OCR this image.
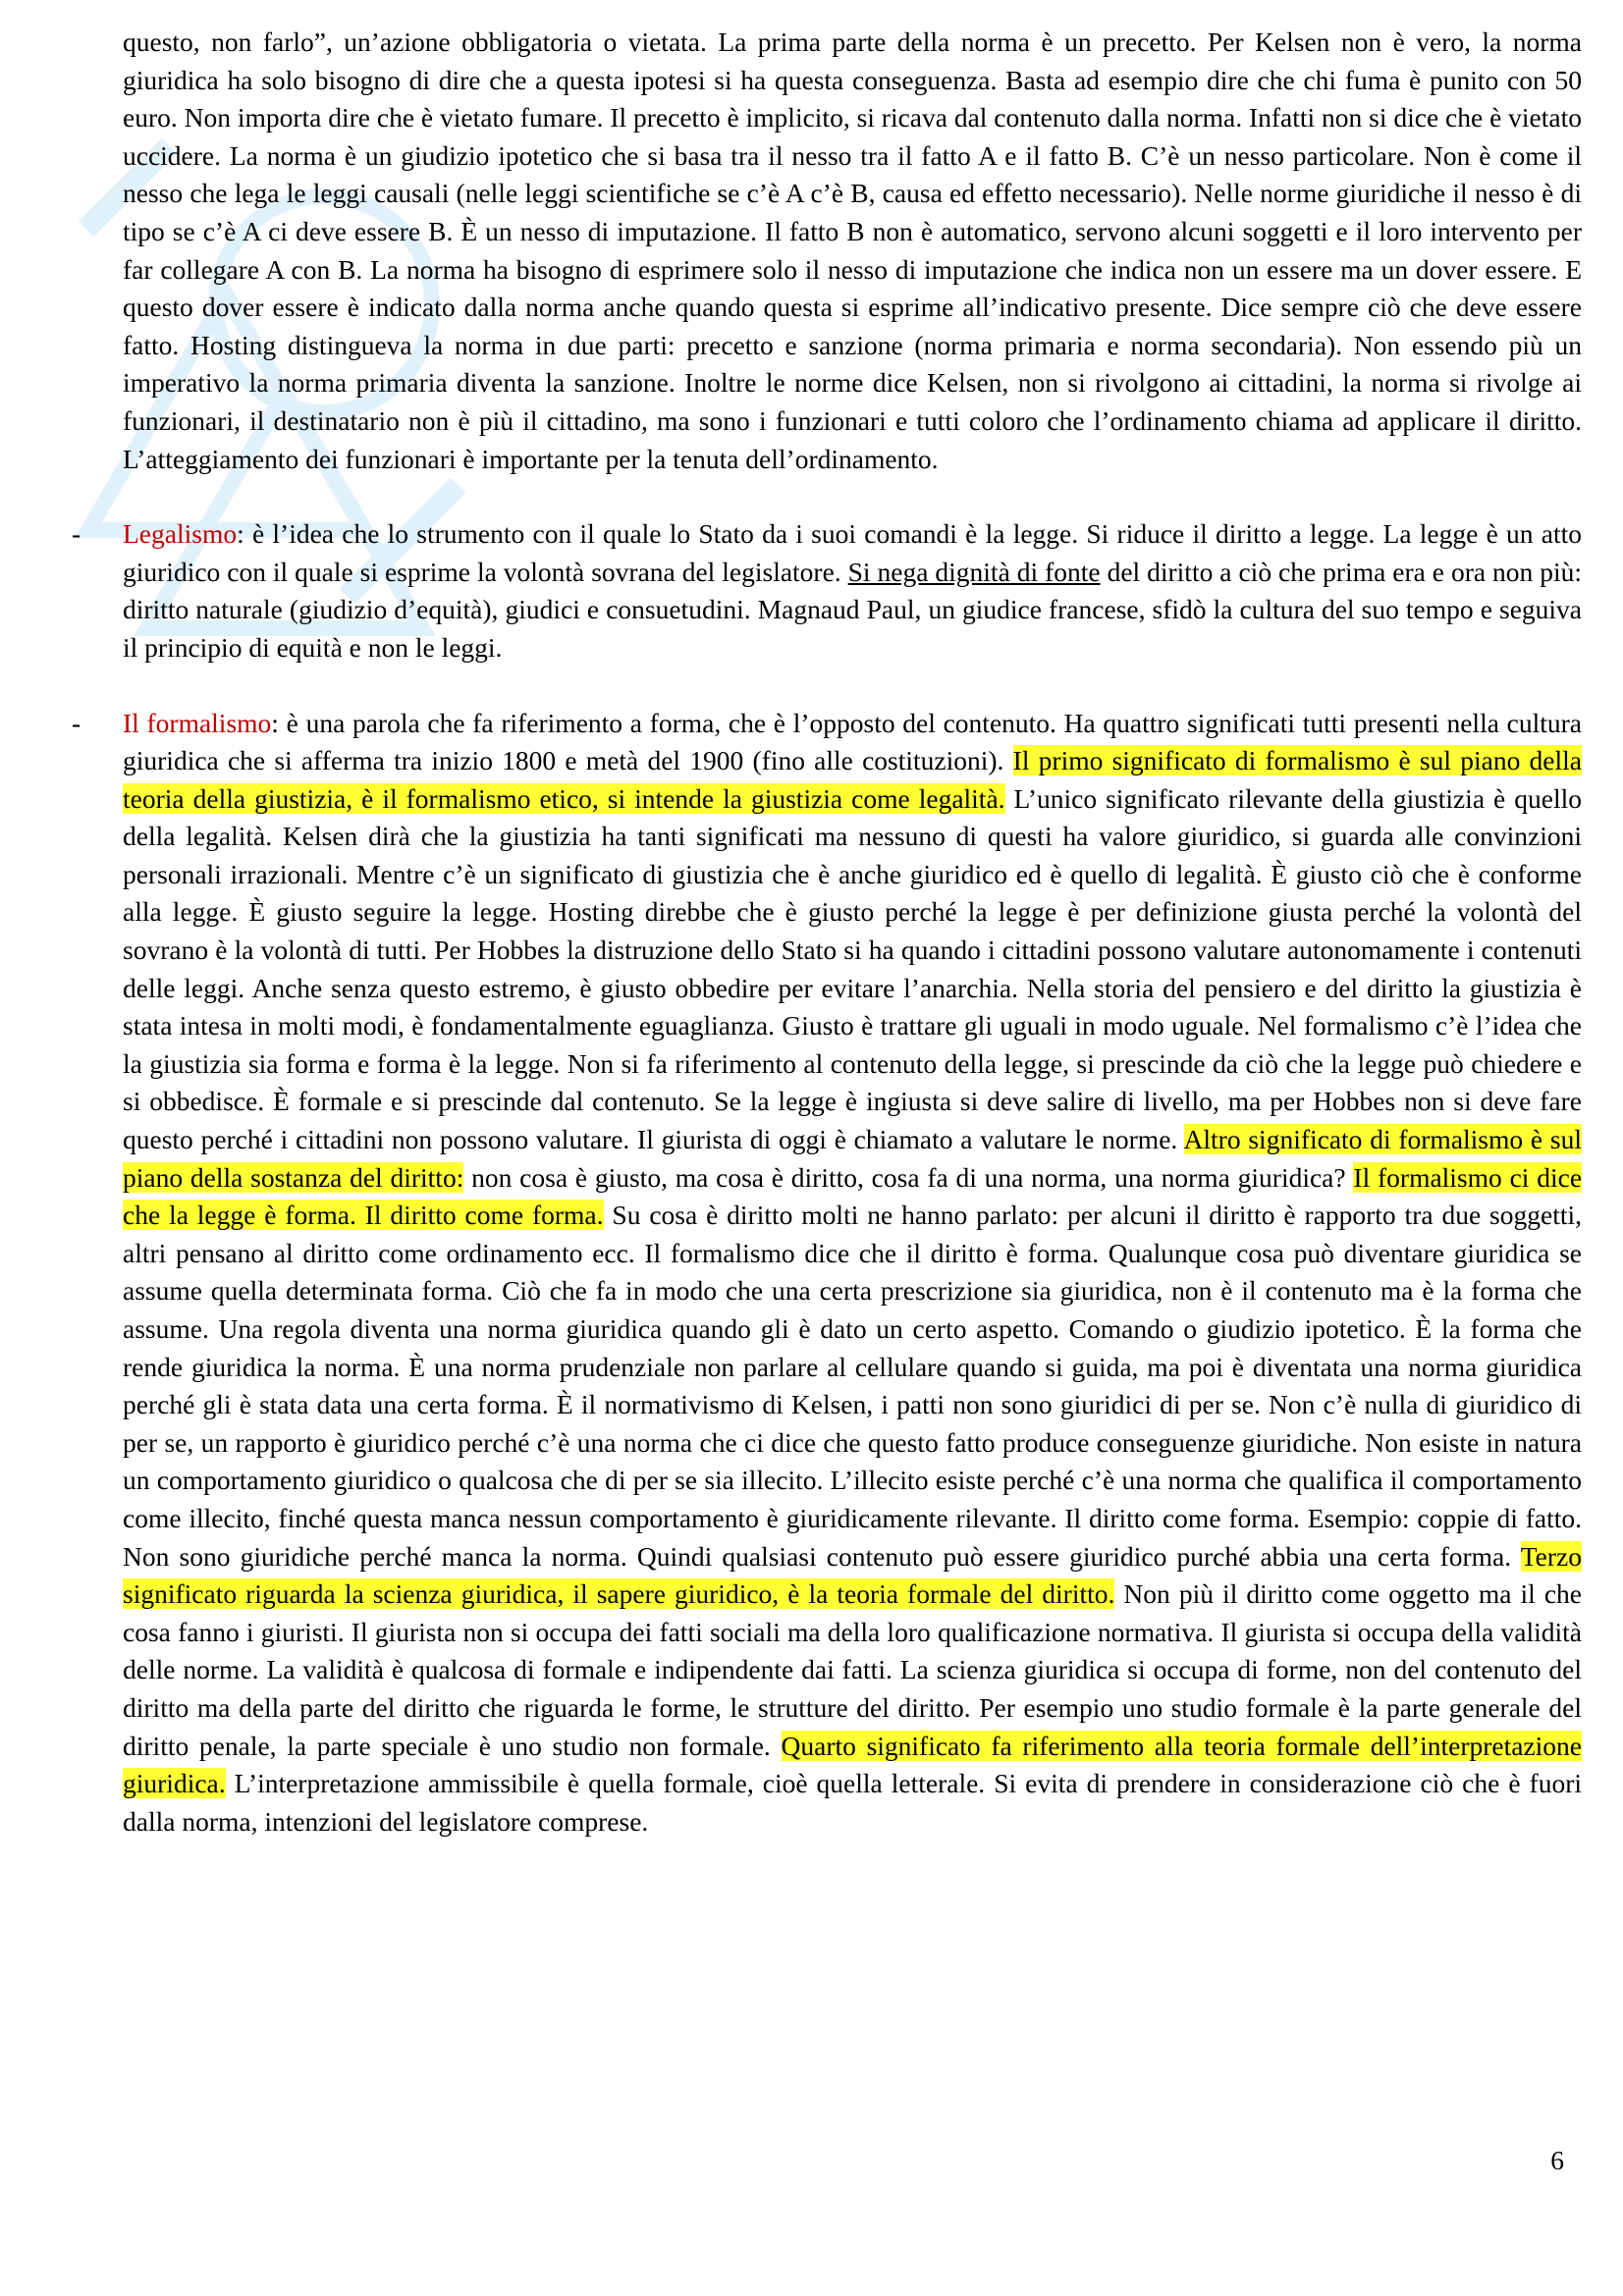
questo, non farlo”, un’azione obbligatoria o vietata. La prima parte della norma è un precetto. Per Kelsen non è vero, la norma giuridica ha solo bisogno di dire che a questa ipotesi si ha questa conseguenza. Basta ad esempio dire che chi fuma è punito con 50 euro. Non importa dire che è vietato fumare. Il precetto è implicito, si ricava dal contenuto dalla norma. Infatti non si dice che è vietato uccidere. La norma è un giudizio ipotetico che si basa tra il nesso tra il fatto A e il fatto B. C’è un nesso particolare. Non è come il nesso che lega le leggi causali (nelle leggi scientifiche se c’è A c’è B, causa ed effetto necessario). Nelle norme giuridiche il nesso è di tipo se c’è A ci deve essere B. È un nesso di imputazione. Il fatto B non è automatico, servono alcuni soggetti e il loro intervento per far collegare A con B. La norma ha bisogno di esprimere solo il nesso di imputazione che indica non un essere ma un dover essere. E questo dover essere è indicato dalla norma anche quando questa si esprime all’indicativo presente. Dice sempre ciò che deve essere fatto. Hosting distingueva la norma in due parti: precetto e sanzione (norma primaria e norma secondaria). Non essendo più un imperativo la norma primaria diventa la sanzione. Inoltre le norme dice Kelsen, non si rivolgono ai cittadini, la norma si rivolge ai funzionari, il destinatario non è più il cittadino, ma sono i funzionari e tutti coloro che l’ordinamento chiama ad applicare il diritto. L’atteggiamento dei funzionari è importante per la tenuta dell’ordinamento.

- Legalismo: è l’idea che lo strumento con il quale lo Stato da i suoi comandi è la legge. Si riduce il diritto a legge. La legge è un atto giuridico con il quale si esprime la volontà sovrana del legislatore. Si nega dignità di fonte del diritto a ciò che prima era e ora non più: diritto naturale (giudizio d’equità), giudici e consuetudini. Magnaud Paul, un giudice francese, sfidò la cultura del suo tempo e seguiva il principio di equità e non le leggi.

- Il formalismo: è una parola che fa riferimento a forma, che è l’opposto del contenuto. Ha quattro significati tutti presenti nella cultura giuridica che si afferma tra inizio 1800 e metà del 1900 (fino alle costituzioni). Il primo significato di formalismo è sul piano della teoria della giustizia, è il formalismo etico, si intende la giustizia come legalità. L’unico significato rilevante della giustizia è quello della legalità. Kelsen dirà che la giustizia ha tanti significati ma nessuno di questi ha valore giuridico, si guarda alle convinzioni personali irrazionali. Mentre c’è un significato di giustizia che è anche giuridico ed è quello di legalità. È giusto ciò che è conforme alla legge. È giusto seguire la legge. Hosting direbbe che è giusto perché la legge è per definizione giusta perché la volontà del sovrano è la volontà di tutti. Per Hobbes la distruzione dello Stato si ha quando i cittadini possono valutare autonomamente i contenuti delle leggi. Anche senza questo estremo, è giusto obbedire per evitare l’anarchia. Nella storia del pensiero e del diritto la giustizia è stata intesa in molti modi, è fondamentalmente eguaglianza. Giusto è trattare gli uguali in modo uguale. Nel formalismo c’è l’idea che la giustizia sia forma e forma è la legge. Non si fa riferimento al contenuto della legge, si prescinde da ciò che la legge può chiedere e si obbedisce. È formale e si prescinde dal contenuto. Se la legge è ingiusta si deve salire di livello, ma per Hobbes non si deve fare questo perché i cittadini non possono valutare. Il giurista di oggi è chiamato a valutare le norme. Altro significato di formalismo è sul piano della sostanza del diritto: non cosa è giusto, ma cosa è diritto, cosa fa di una norma, una norma giuridica? Il formalismo ci dice che la legge è forma. Il diritto come forma. Su cosa è diritto molti ne hanno parlato: per alcuni il diritto è rapporto tra due soggetti, altri pensano al diritto come ordinamento ecc. Il formalismo dice che il diritto è forma. Qualunque cosa può diventare giuridica se assume quella determinata forma. Ciò che fa in modo che una certa prescrizione sia giuridica, non è il contenuto ma è la forma che assume. Una regola diventa una norma giuridica quando gli è dato un certo aspetto. Comando o giudizio ipotetico. È la forma che rende giuridica la norma. È una norma prudenziale non parlare al cellulare quando si guida, ma poi è diventata una norma giuridica perché gli è stata data una certa forma. È il normativismo di Kelsen, i patti non sono giuridici di per se. Non c’è nulla di giuridico di per se, un rapporto è giuridico perché c’è una norma che ci dice che questo fatto produce conseguenze giuridiche. Non esiste in natura un comportamento giuridico o qualcosa che di per se sia illecito. L’illecito esiste perché c’è una norma che qualifica il comportamento come illecito, finché questa manca nessun comportamento è giuridicamente rilevante. Il diritto come forma. Esempio: coppie di fatto. Non sono giuridiche perché manca la norma. Quindi qualsiasi contenuto può essere giuridico purché abbia una certa forma. Terzo significato riguarda la scienza giuridica, il sapere giuridico, è la teoria formale del diritto. Non più il diritto come oggetto ma il che cosa fanno i giuristi. Il giurista non si occupa dei fatti sociali ma della loro qualificazione normativa. Il giurista si occupa della validità delle norme. La validità è qualcosa di formale e indipendente dai fatti. La scienza giuridica si occupa di forme, non del contenuto del diritto ma della parte del diritto che riguarda le forme, le strutture del diritto. Per esempio uno studio formale è la parte generale del diritto penale, la parte speciale è uno studio non formale. Quarto significato fa riferimento alla teoria formale dell’interpretazione giuridica. L’interpretazione ammissibile è quella formale, cioè quella letterale. Si evita di prendere in considerazione ciò che è fuori dalla norma, intenzioni del legislatore comprese.

6
